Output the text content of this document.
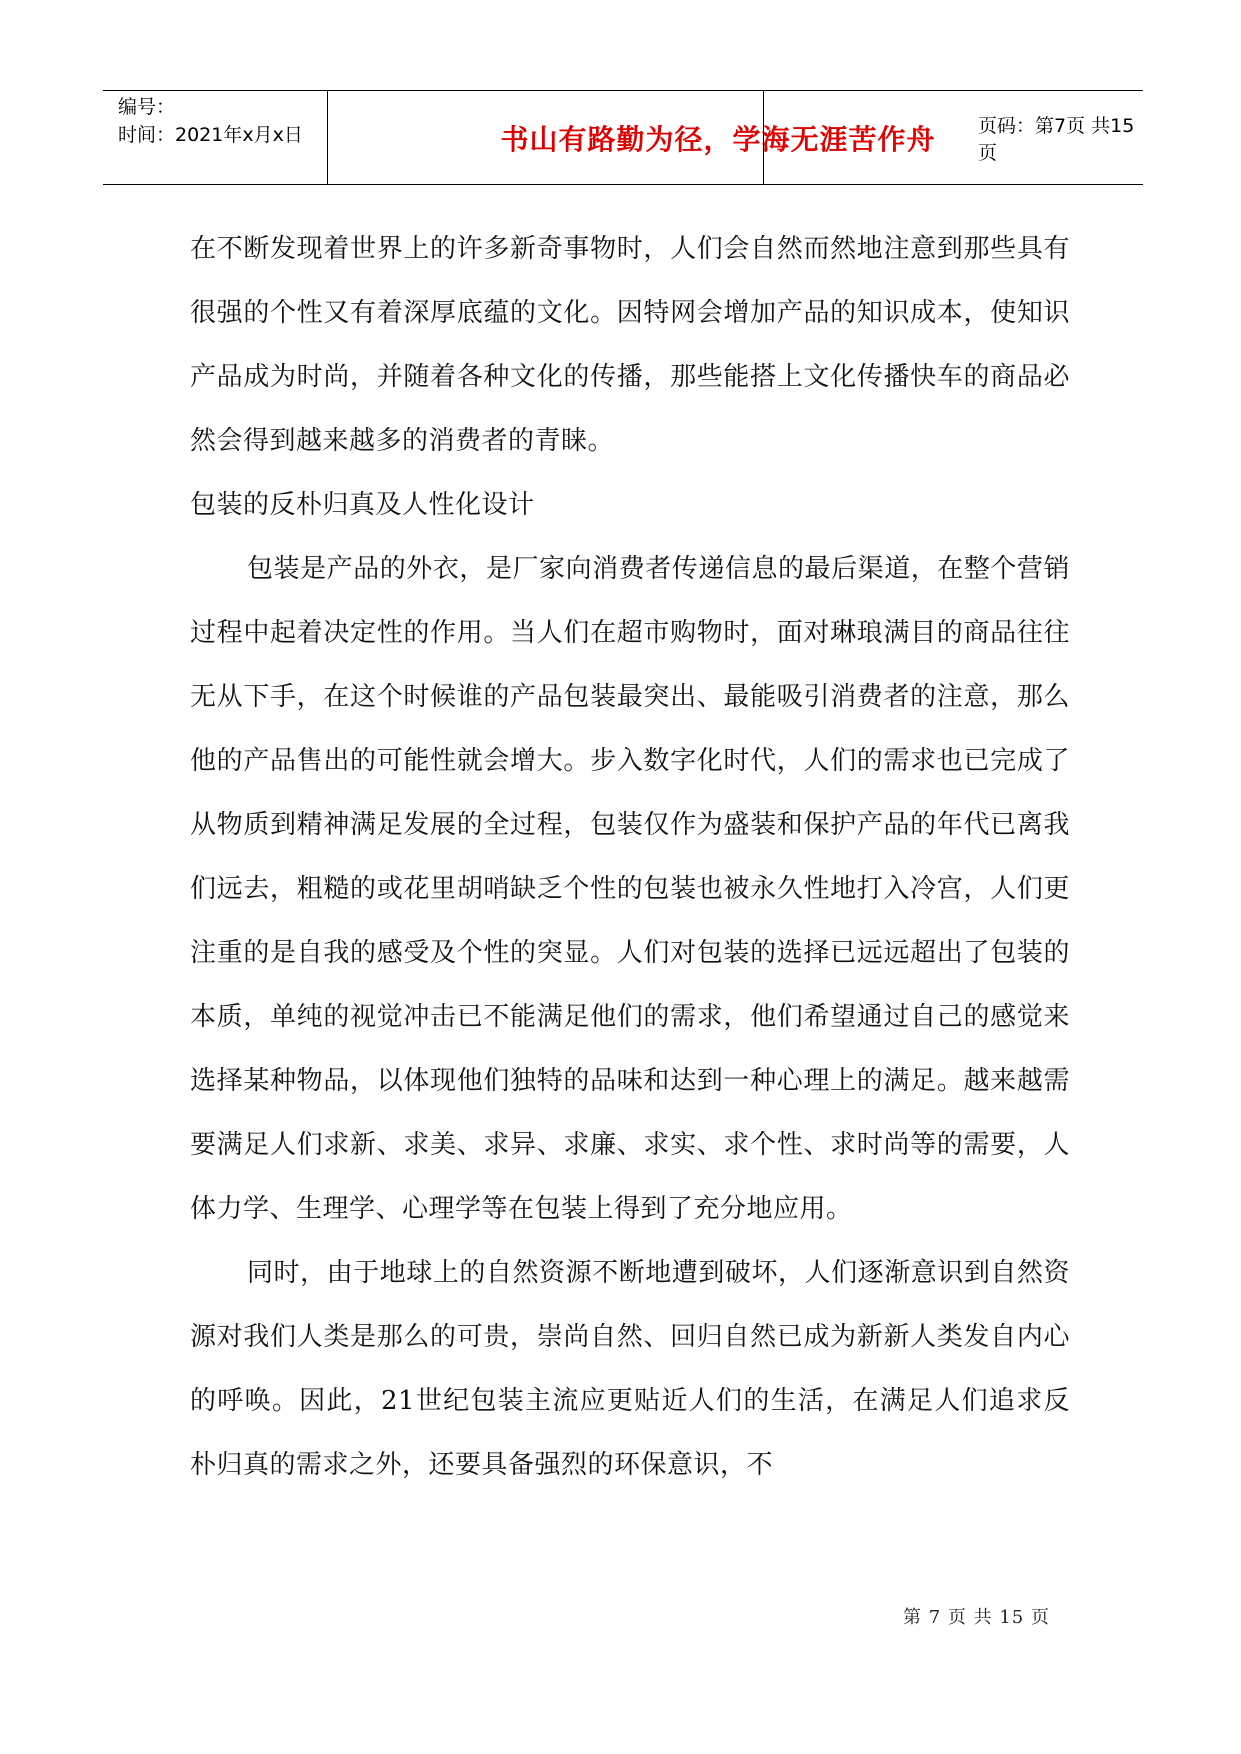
编号：
时间：2021年x月x日	书山有路勤为径，学海无涯苦作舟	页码：第7页 共15页

在不断发现着世界上的许多新奇事物时，人们会自然而然地注意到那些具有很强的个性又有着深厚底蕴的文化。因特网会增加产品的知识成本，使知识产品成为时尚，并随着各种文化的传播，那些能搭上文化传播快车的商品必然会得到越来越多的消费者的青睐。

包装的反朴归真及人性化设计

包装是产品的外衣，是厂家向消费者传递信息的最后渠道，在整个营销过程中起着决定性的作用。当人们在超市购物时，面对琳琅满目的商品往往无从下手，在这个时候谁的产品包装最突出、最能吸引消费者的注意，那么他的产品售出的可能性就会增大。步入数字化时代，人们的需求也已完成了从物质到精神满足发展的全过程，包装仅作为盛装和保护产品的年代已离我们远去，粗糙的或花里胡哨缺乏个性的包装也被永久性地打入冷宫，人们更注重的是自我的感受及个性的突显。人们对包装的选择已远远超出了包装的本质，单纯的视觉冲击已不能满足他们的需求，他们希望通过自己的感觉来选择某种物品，以体现他们独特的品味和达到一种心理上的满足。越来越需要满足人们求新、求美、求异、求廉、求实、求个性、求时尚等的需要，人体力学、生理学、心理学等在包装上得到了充分地应用。

同时，由于地球上的自然资源不断地遭到破坏，人们逐渐意识到自然资源对我们人类是那么的可贵，崇尚自然、回归自然已成为新新人类发自内心的呼唤。因此，21世纪包装主流应更贴近人们的生活，在满足人们追求反朴归真的需求之外，还要具备强烈的环保意识，不

第 7 页 共 15 页
